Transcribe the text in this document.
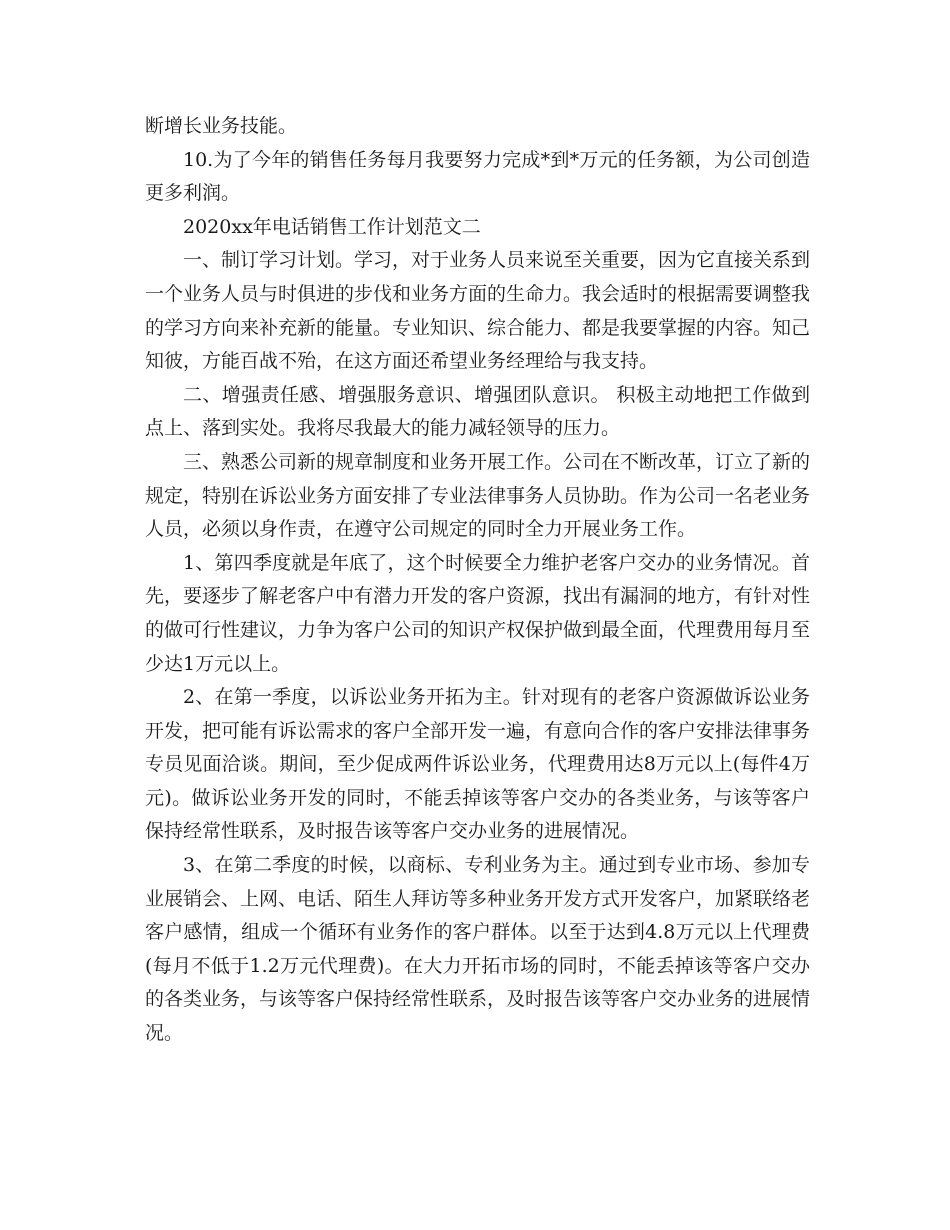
断增长业务技能。

10.为了今年的销售任务每月我要努力完成*到*万元的任务额，为公司创造更多利润。

2020xx年电话销售工作计划范文二

一、制订学习计划。学习，对于业务人员来说至关重要，因为它直接关系到一个业务人员与时俱进的步伐和业务方面的生命力。我会适时的根据需要调整我的学习方向来补充新的能量。专业知识、综合能力、都是我要掌握的内容。知己知彼，方能百战不殆，在这方面还希望业务经理给与我支持。

二、增强责任感、增强服务意识、增强团队意识。 积极主动地把工作做到点上、落到实处。我将尽我最大的能力减轻领导的压力。

三、熟悉公司新的规章制度和业务开展工作。公司在不断改革，订立了新的规定，特别在诉讼业务方面安排了专业法律事务人员协助。作为公司一名老业务人员，必须以身作责，在遵守公司规定的同时全力开展业务工作。

1、第四季度就是年底了，这个时候要全力维护老客户交办的业务情况。首先，要逐步了解老客户中有潜力开发的客户资源，找出有漏洞的地方，有针对性的做可行性建议，力争为客户公司的知识产权保护做到最全面，代理费用每月至少达1万元以上。

2、在第一季度，以诉讼业务开拓为主。针对现有的老客户资源做诉讼业务开发，把可能有诉讼需求的客户全部开发一遍，有意向合作的客户安排法律事务专员见面洽谈。期间，至少促成两件诉讼业务，代理费用达8万元以上(每件4万元)。做诉讼业务开发的同时，不能丢掉该等客户交办的各类业务，与该等客户保持经常性联系，及时报告该等客户交办业务的进展情况。

3、在第二季度的时候，以商标、专利业务为主。通过到专业市场、参加专业展销会、上网、电话、陌生人拜访等多种业务开发方式开发客户，加紧联络老客户感情，组成一个循环有业务作的客户群体。以至于达到4.8万元以上代理费(每月不低于1.2万元代理费)。在大力开拓市场的同时，不能丢掉该等客户交办的各类业务，与该等客户保持经常性联系，及时报告该等客户交办业务的进展情况。
